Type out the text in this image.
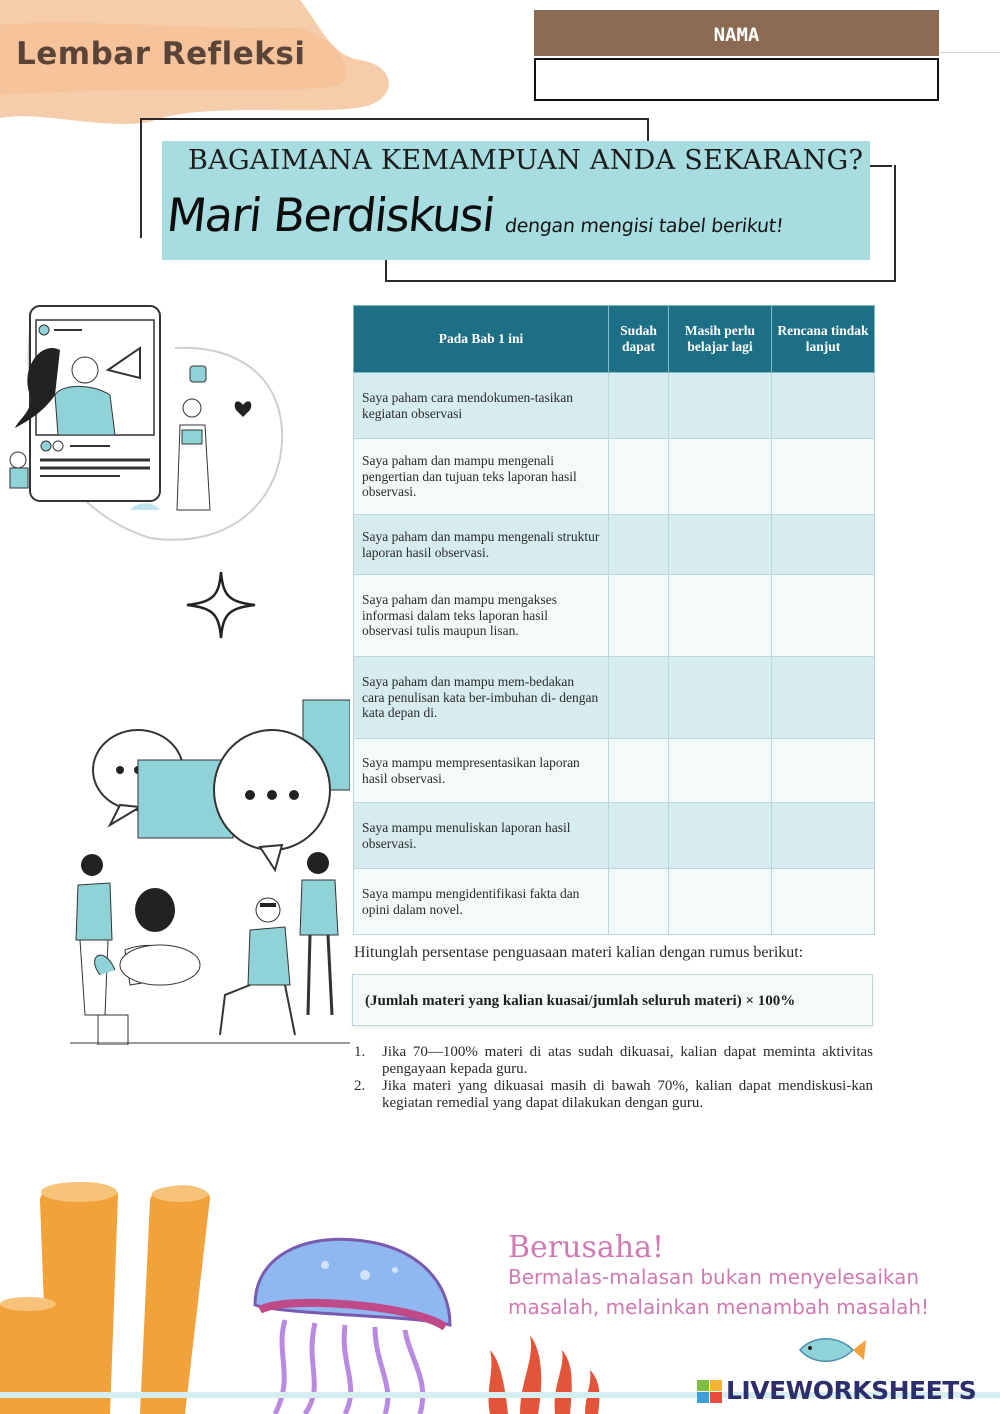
Lembar Refleksi
NAMA
BAGAIMANA KEMAMPUAN ANDA SEKARANG?
Mari Berdiskusi dengan mengisi tabel berikut!
Pada Bab 1 ini	Sudah dapat	Masih perlu belajar lagi	Rencana tindak lanjut
Saya paham cara mendokumen-tasikan kegiatan observasi			
Saya paham dan mampu mengenali pengertian dan tujuan teks laporan hasil observasi.			
Saya paham dan mampu mengenali struktur laporan hasil observasi.			
Saya paham dan mampu mengakses informasi dalam teks laporan hasil observasi tulis maupun lisan.			
Saya paham dan mampu mem-bedakan cara penulisan kata ber-imbuhan di- dengan kata depan di.			
Saya mampu mempresentasikan laporan hasil observasi.			
Saya mampu menuliskan laporan hasil observasi.			
Saya mampu mengidentifikasi fakta dan opini dalam novel.			
Hitunglah persentase penguasaan materi kalian dengan rumus berikut:
(Jumlah materi yang kalian kuasai/jumlah seluruh materi) × 100%
1. Jika 70—100% materi di atas sudah dikuasai, kalian dapat meminta aktivitas pengayaan kepada guru.
2. Jika materi yang dikuasai masih di bawah 70%, kalian dapat mendiskusi-kan kegiatan remedial yang dapat dilakukan dengan guru.
Berusaha!
Bermalas-malasan bukan menyelesaikan masalah, melainkan menambah masalah!
LIVEWORKSHEETS
